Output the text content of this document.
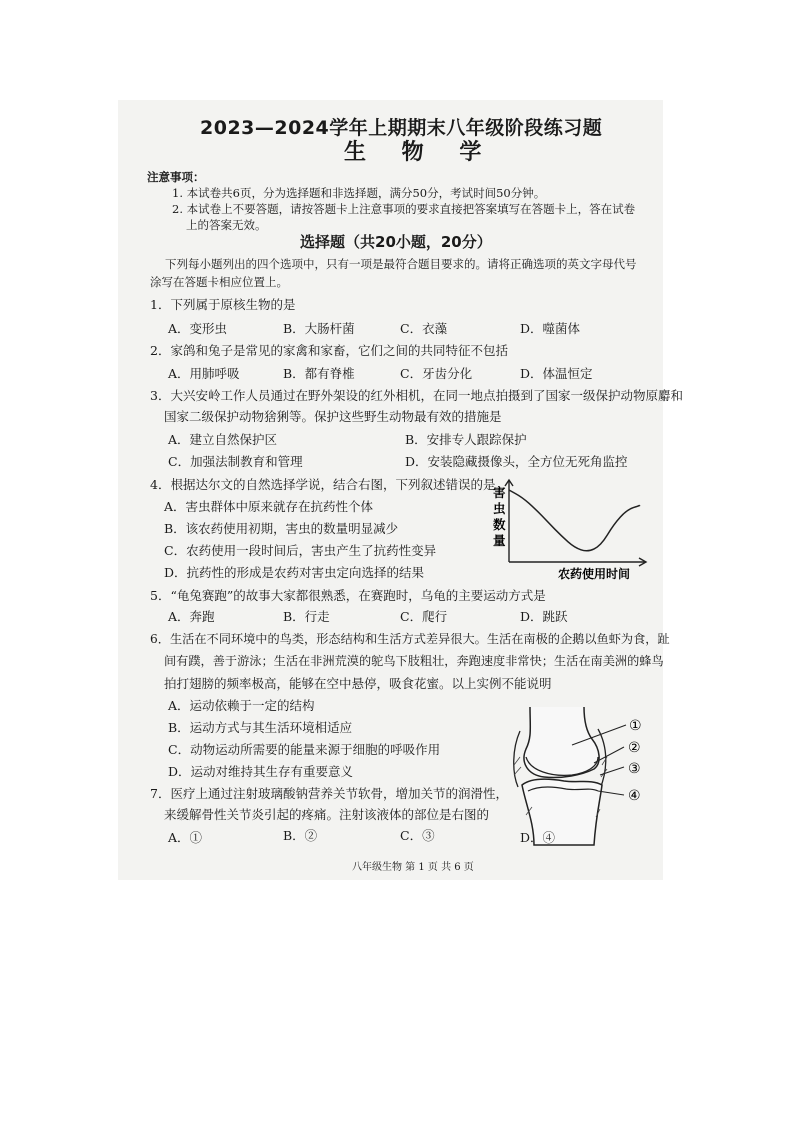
2023—2024学年上期期末八年级阶段练习题
生 物 学
注意事项：
1. 本试卷共6页，分为选择题和非选择题，满分50分，考试时间50分钟。
2. 本试卷上不要答题，请按答题卡上注意事项的要求直接把答案填写在答题卡上，答在试卷
上的答案无效。
选择题（共20小题，20分）
下列每小题列出的四个选项中，只有一项是最符合题目要求的。请将正确选项的英文字母代号
涂写在答题卡相应位置上。
1．下列属于原核生物的是
A．变形虫	B．大肠杆菌	C．衣藻	D．噬菌体
2．家鸽和兔子是常见的家禽和家畜，它们之间的共同特征不包括
A．用肺呼吸	B．都有脊椎	C．牙齿分化	D．体温恒定
3．大兴安岭工作人员通过在野外架设的红外相机，在同一地点拍摄到了国家一级保护动物原麝和
国家二级保护动物猞猁等。保护这些野生动物最有效的措施是
A．建立自然保护区	B．安排专人跟踪保护
C．加强法制教育和管理	D．安装隐藏摄像头，全方位无死角监控
4．根据达尔文的自然选择学说，结合右图，下列叙述错误的是
A．害虫群体中原来就存在抗药性个体
B．该农药使用初期，害虫的数量明显减少
C．农药使用一段时间后，害虫产生了抗药性变异
D．抗药性的形成是农药对害虫定向选择的结果
害
虫
数
量
农药使用时间
5．“龟兔赛跑”的故事大家都很熟悉，在赛跑时，乌龟的主要运动方式是
A．奔跑	B．行走	C．爬行	D．跳跃
6．生活在不同环境中的鸟类，形态结构和生活方式差异很大。生活在南极的企鹅以鱼虾为食，趾
间有蹼，善于游泳；生活在非洲荒漠的鸵鸟下肢粗壮，奔跑速度非常快；生活在南美洲的蜂鸟
拍打翅膀的频率极高，能够在空中悬停，吸食花蜜。以上实例不能说明
A．运动依赖于一定的结构
B．运动方式与其生活环境相适应
C．动物运动所需要的能量来源于细胞的呼吸作用
D．运动对维持其生存有重要意义
①
②
③
④
7．医疗上通过注射玻璃酸钠营养关节软骨，增加关节的润滑性，
来缓解骨性关节炎引起的疼痛。注射该液体的部位是右图的
A．①	B．②	C．③	D．④
八年级生物 第 1 页 共 6 页
